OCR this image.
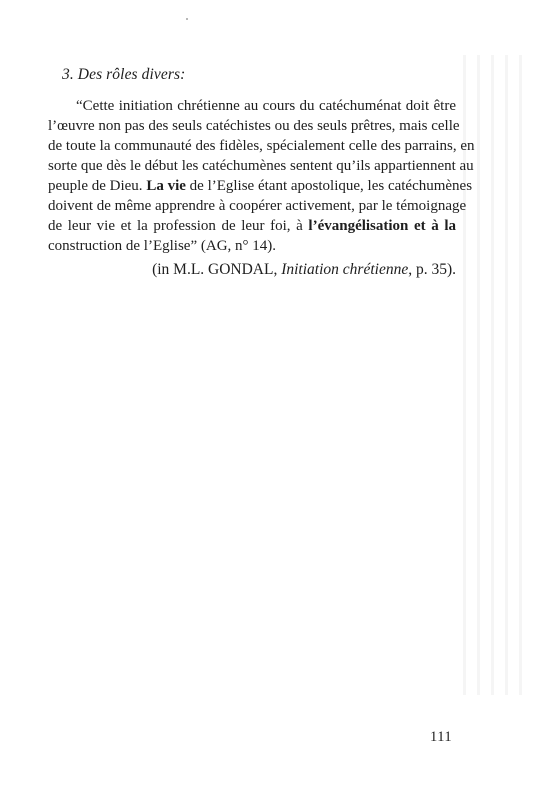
3. Des rôles divers:
“Cette initiation chrétienne au cours du catéchuménat doit être
l’œuvre non pas des seuls catéchistes ou des seuls prêtres, mais celle
de toute la communauté des fidèles, spécialement celle des parrains, en
sorte que dès le début les catéchumènes sentent qu’ils appartiennent au
peuple de Dieu. La vie de l’Eglise étant apostolique, les catéchumènes
doivent de même apprendre à coopérer activement, par le témoignage
de leur vie et la profession de leur foi, à l’évangélisation et à la
construction de l’Eglise” (AG, n° 14).
(in M.L. GONDAL, Initiation chrétienne, p. 35).
111
